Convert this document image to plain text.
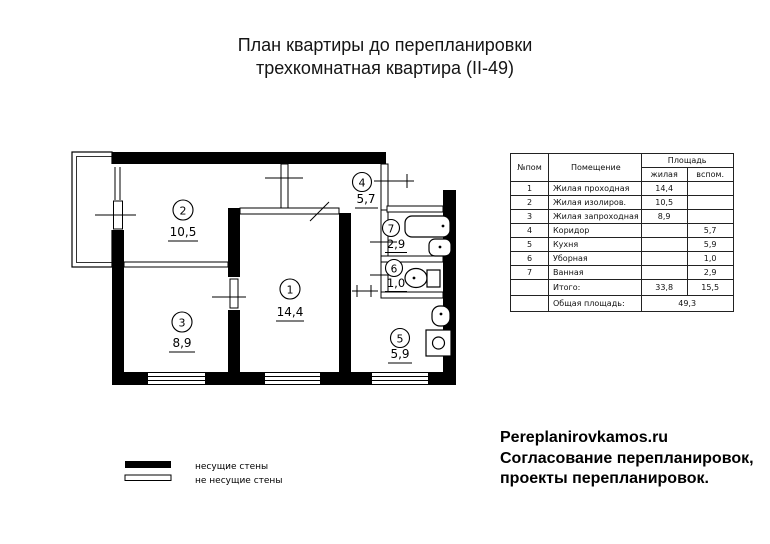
План квартиры до перепланировки
трехкомнатная квартира (II-49)
1
14,4
2
10,5
3
8,9
4
5,7
5
5,9
6
1,0
7
2,9
несущие стены
не несущие стены
№пом	Помещение	Площадь	
		жилая	вспом.
1	Жилая проходная	14,4	
2	Жилая изолиров.	10,5	
3	Жилая запроходная	8,9	
4	Коридор		5,7
5	Кухня		5,9
6	Уборная		1,0
7	Ванная		2,9
	Итого:	33,8	15,5
	Общая площадь:	49,3	
Pereplanirovkamos.ru
Согласование перепланировок,
проекты перепланировок.
